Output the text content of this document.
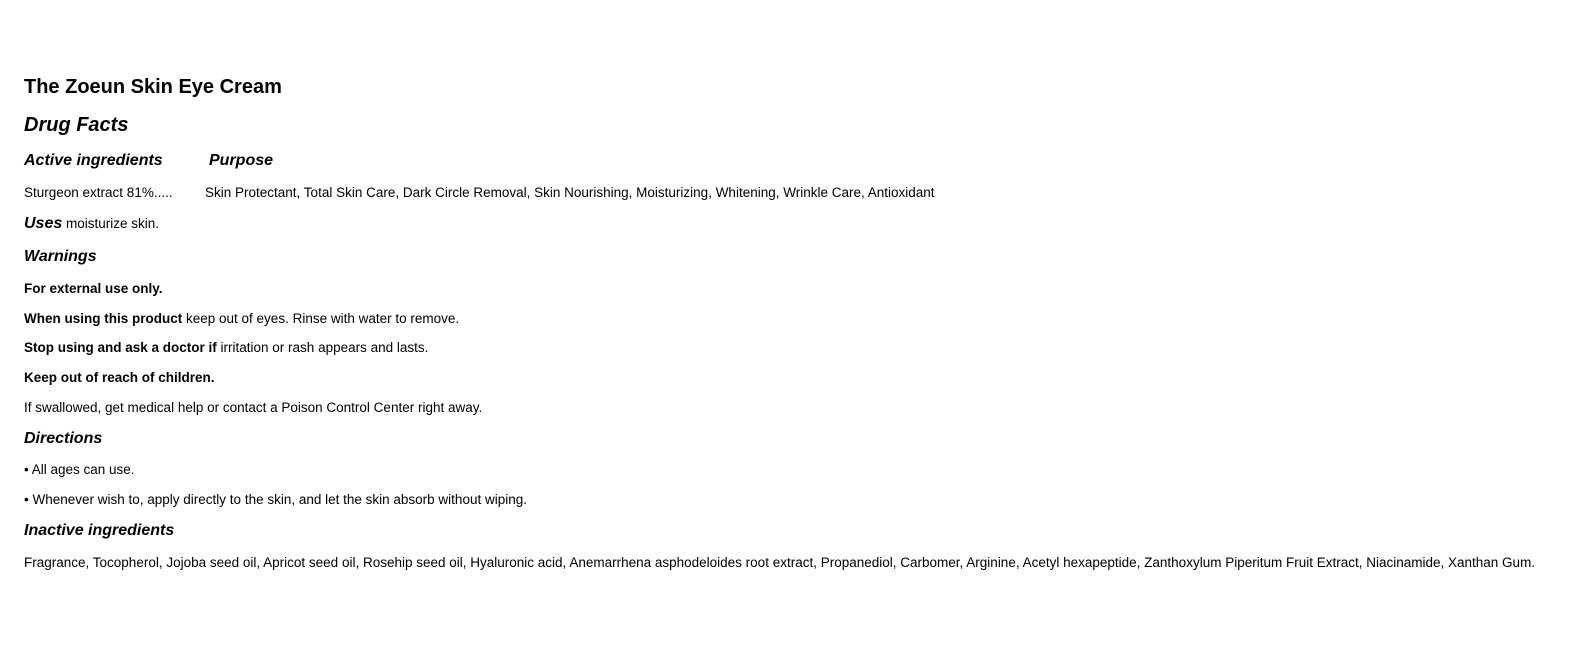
The Zoeun Skin Eye Cream
Drug Facts
Active ingredients	Purpose
Sturgeon extract 81%..... Skin Protectant, Total Skin Care, Dark Circle Removal, Skin Nourishing, Moisturizing, Whitening, Wrinkle Care, Antioxidant
Uses moisturize skin.
Warnings
For external use only.
When using this product keep out of eyes. Rinse with water to remove.
Stop using and ask a doctor if irritation or rash appears and lasts.
Keep out of reach of children.
If swallowed, get medical help or contact a Poison Control Center right away.
Directions
• All ages can use.
• Whenever wish to, apply directly to the skin, and let the skin absorb without wiping.
Inactive ingredients
Fragrance, Tocopherol, Jojoba seed oil, Apricot seed oil, Rosehip seed oil, Hyaluronic acid, Anemarrhena asphodeloides root extract, Propanediol, Carbomer, Arginine, Acetyl hexapeptide, Zanthoxylum Piperitum Fruit Extract, Niacinamide, Xanthan Gum.
